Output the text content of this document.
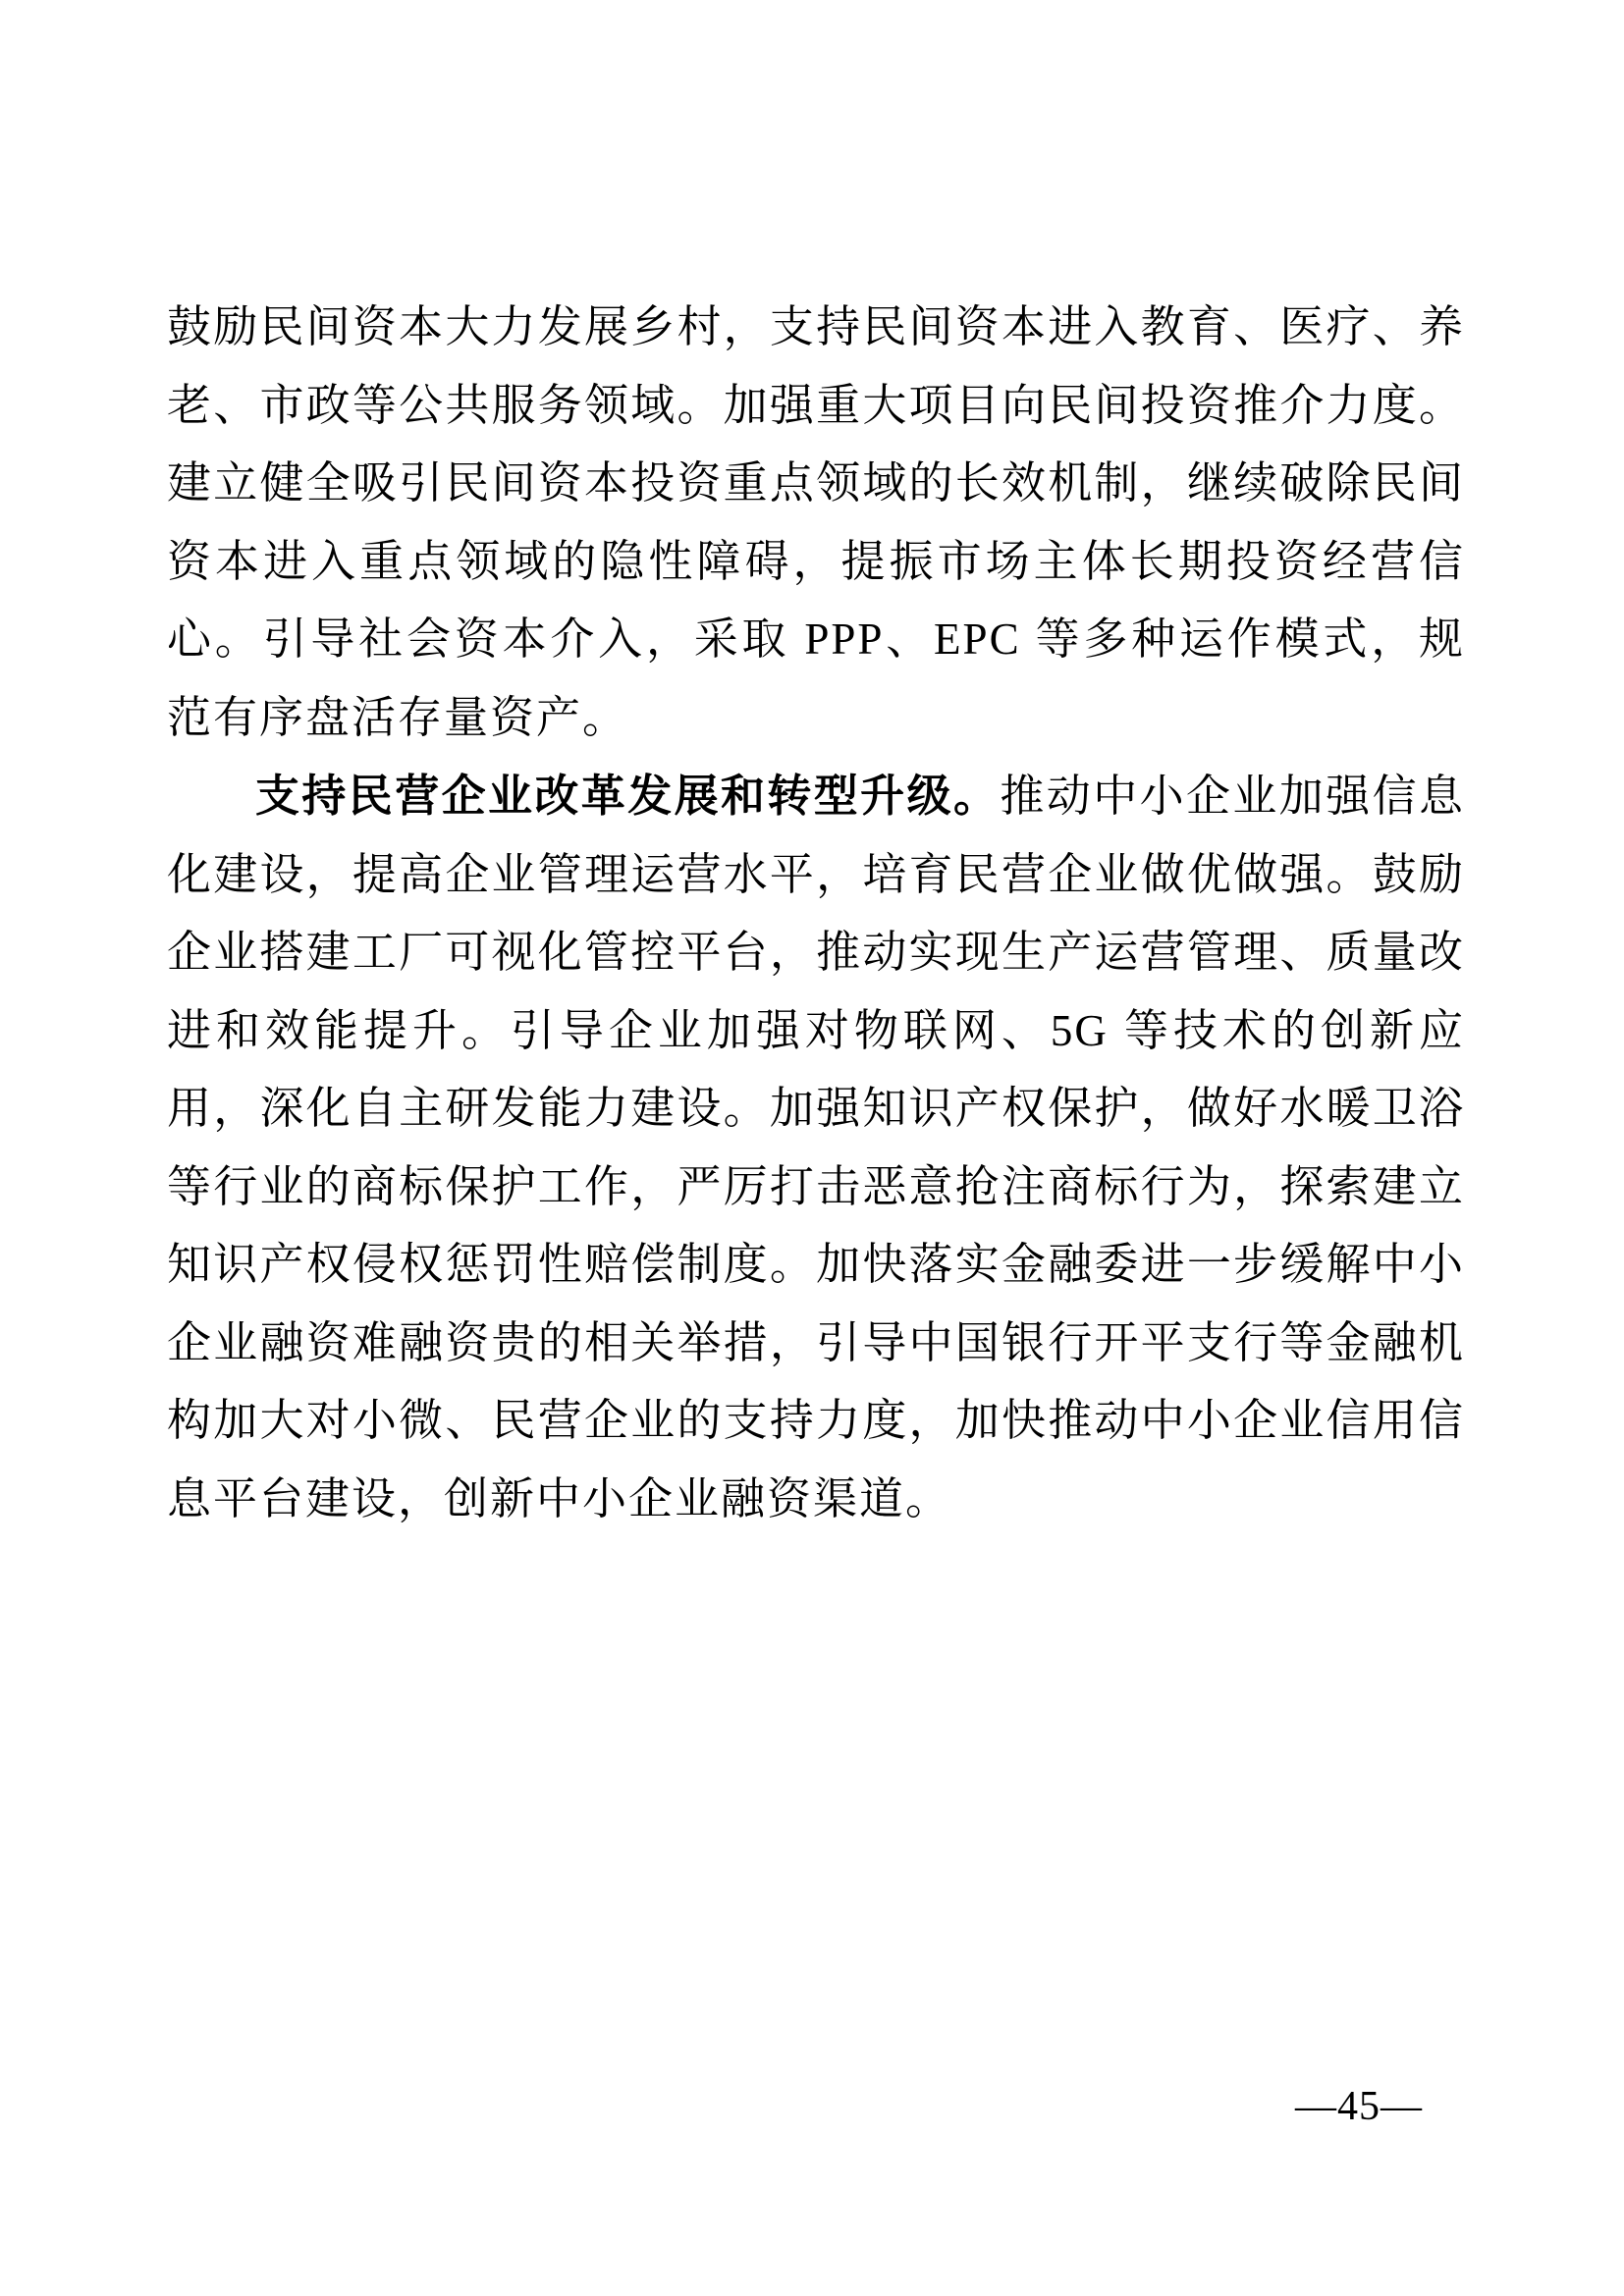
鼓励民间资本大力发展乡村，支持民间资本进入教育、医疗、养老、市政等公共服务领域。加强重大项目向民间投资推介力度。建立健全吸引民间资本投资重点领域的长效机制，继续破除民间资本进入重点领域的隐性障碍，提振市场主体长期投资经营信心。引导社会资本介入，采取 PPP、EPC 等多种运作模式，规范有序盘活存量资产。

支持民营企业改革发展和转型升级。推动中小企业加强信息化建设，提高企业管理运营水平，培育民营企业做优做强。鼓励企业搭建工厂可视化管控平台，推动实现生产运营管理、质量改进和效能提升。引导企业加强对物联网、5G 等技术的创新应用，深化自主研发能力建设。加强知识产权保护，做好水暖卫浴等行业的商标保护工作，严厉打击恶意抢注商标行为，探索建立知识产权侵权惩罚性赔偿制度。加快落实金融委进一步缓解中小企业融资难融资贵的相关举措，引导中国银行开平支行等金融机构加大对小微、民营企业的支持力度，加快推动中小企业信用信息平台建设，创新中小企业融资渠道。

—45—
